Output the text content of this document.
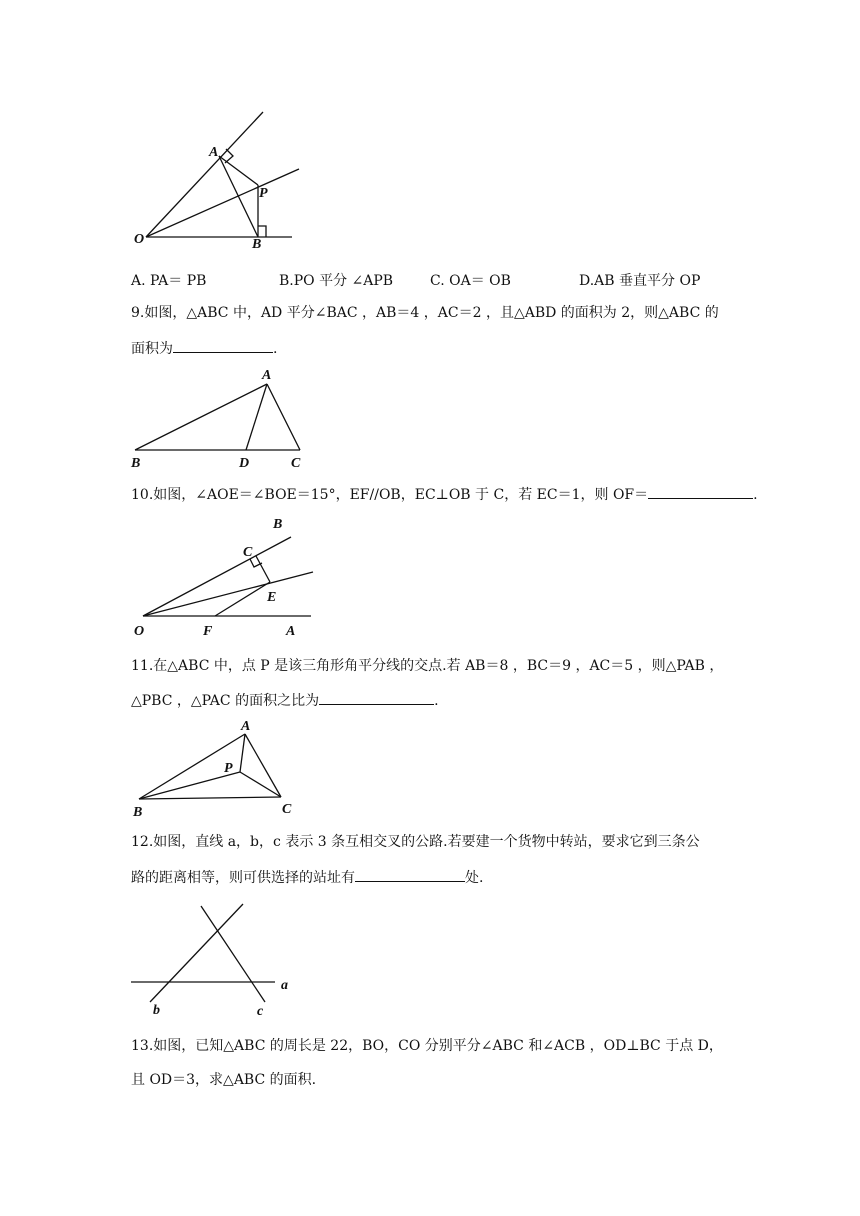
A
P
O	B
A. PA＝ PB	B.PO 平分 ∠APB	C. OA＝ OB	D.AB 垂直平分 OP
9.如图，△ABC 中，AD 平分∠BAC ，AB＝4 ，AC＝2 ，且△ABD 的面积为 2，则△ABC 的
面积为	.
A
B	D	C
10.如图，∠AOE＝∠BOE＝15°，EF//OB，EC⊥OB 于 C，若 EC＝1，则 OF＝	.
B
C
E
O	F	A
11.在△ABC 中，点 P 是该三角形角平分线的交点.若 AB＝8 ，BC＝9 ，AC＝5 ，则△PAB ，
△PBC ，△PAC 的面积之比为	.
A
P
B	C
12.如图，直线 a，b，c 表示 3 条互相交叉的公路.若要建一个货物中转站，要求它到三条公
路的距离相等，则可供选择的站址有	处.
a
b	c
13.如图，已知△ABC 的周长是 22，BO，CO 分别平分∠ABC 和∠ACB ，OD⊥BC 于点 D，
且 OD＝3，求△ABC 的面积.
